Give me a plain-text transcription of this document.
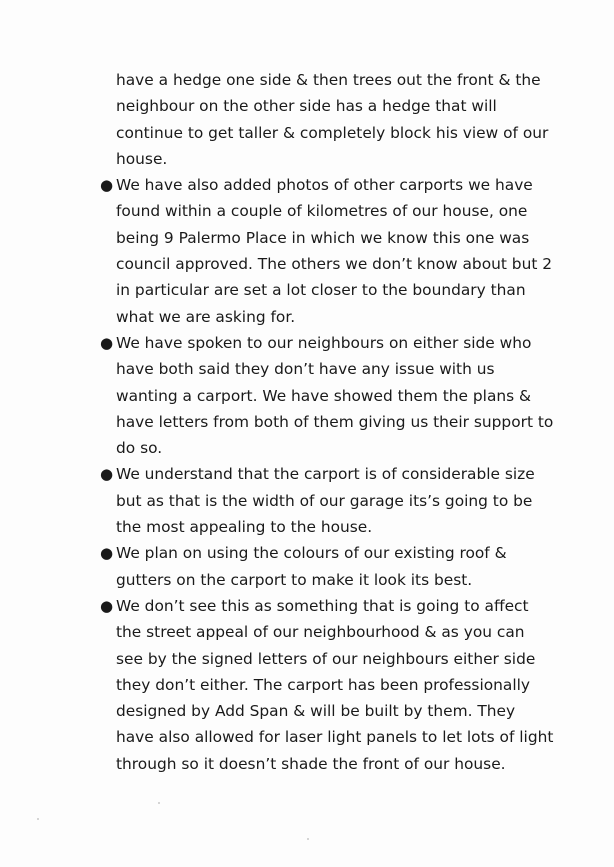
have a hedge one side & then trees out the front & the neighbour on the other side has a hedge that will continue to get taller & completely block his view of our house.

● We have also added photos of other carports we have found within a couple of kilometres of our house, one being 9 Palermo Place in which we know this one was council approved. The others we don’t know about but 2 in particular are set a lot closer to the boundary than what we are asking for.
● We have spoken to our neighbours on either side who have both said they don’t have any issue with us wanting a carport. We have showed them the plans & have letters from both of them giving us their support to do so.
● We understand that the carport is of considerable size but as that is the width of our garage its’s going to be the most appealing to the house.
● We plan on using the colours of our existing roof & gutters on the carport to make it look its best.
● We don’t see this as something that is going to affect the street appeal of our neighbourhood & as you can see by the signed letters of our neighbours either side they don’t either. The carport has been professionally designed by Add Span & will be built by them. They have also allowed for laser light panels to let lots of light through so it doesn’t shade the front of our house.
